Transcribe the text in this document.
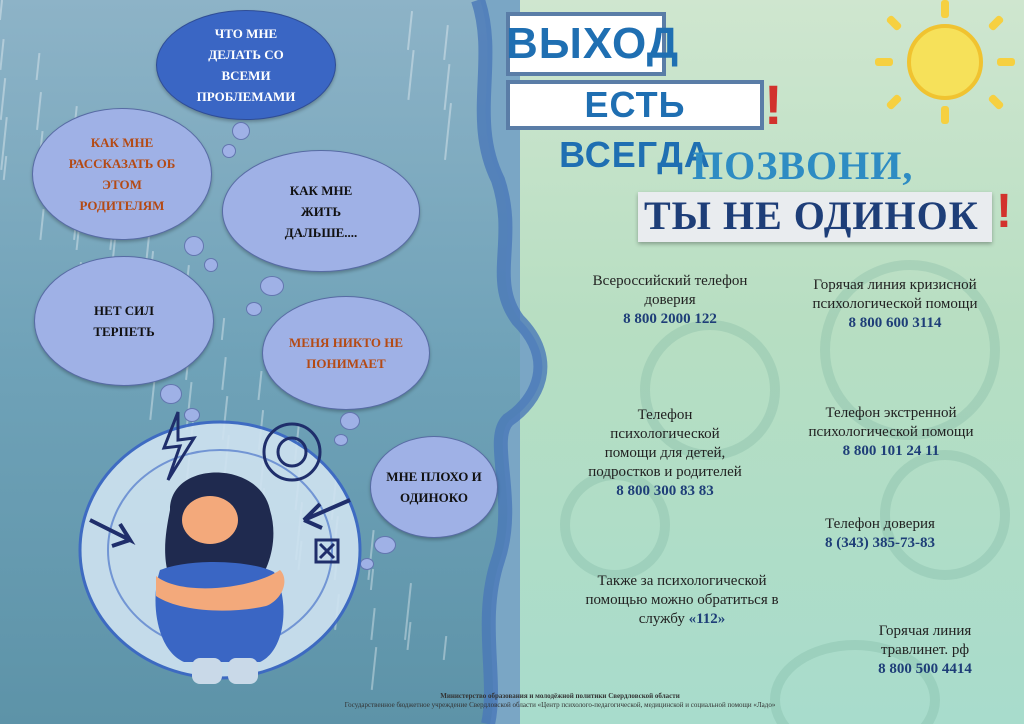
ВЫХОД
ЕСТЬ ВСЕГДА
!
ПОЗВОНИ,
ТЫ НЕ ОДИНОК !
Всероссийский телефон доверия
8 800 2000 122
Горячая линия кризисной психологической помощи
8 800 600 3114
Телефон психологической помощи для детей, подростков и родителей
8 800 300 83 83
Телефон экстренной психологической помощи
8 800 101 24 11
Телефон доверия
8 (343) 385-73-83
Также за психологической помощью можно обратиться в службу «112»
Горячая линия травлинет. рф
8 800 500 4414
ЧТО МНЕ ДЕЛАТЬ СО ВСЕМИ ПРОБЛЕМАМИ
КАК МНЕ РАССКАЗАТЬ ОБ ЭТОМ РОДИТЕЛЯМ
КАК МНЕ ЖИТЬ ДАЛЬШЕ....
НЕТ СИЛ ТЕРПЕТЬ
МЕНЯ НИКТО НЕ ПОНИМАЕТ
МНЕ ПЛОХО И ОДИНОКО
Министерство образования и молодёжной политики Свердловской области
Государственное бюджетное учреждение Свердловской области «Центр психолого-педагогической, медицинской и социальной помощи «Ладо»
